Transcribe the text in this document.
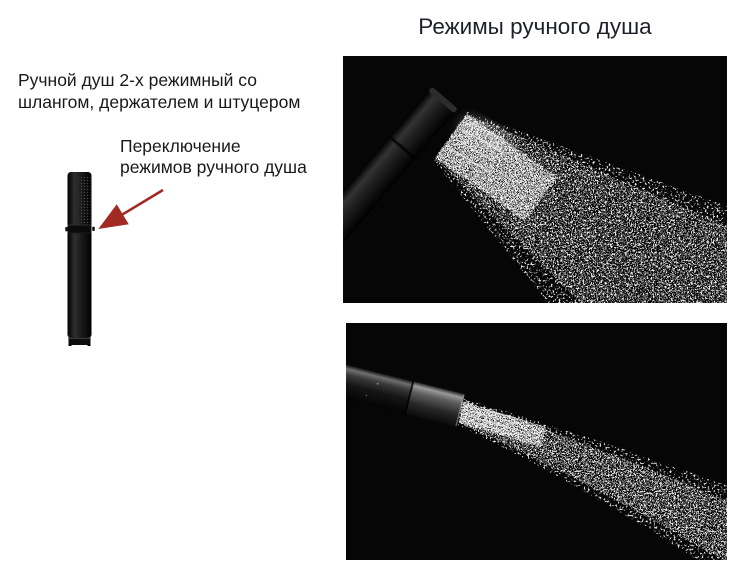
Режимы ручного душа
Ручной душ 2-х режимный со
шлангом, держателем и штуцером
Переключение
режимов ручного душа
